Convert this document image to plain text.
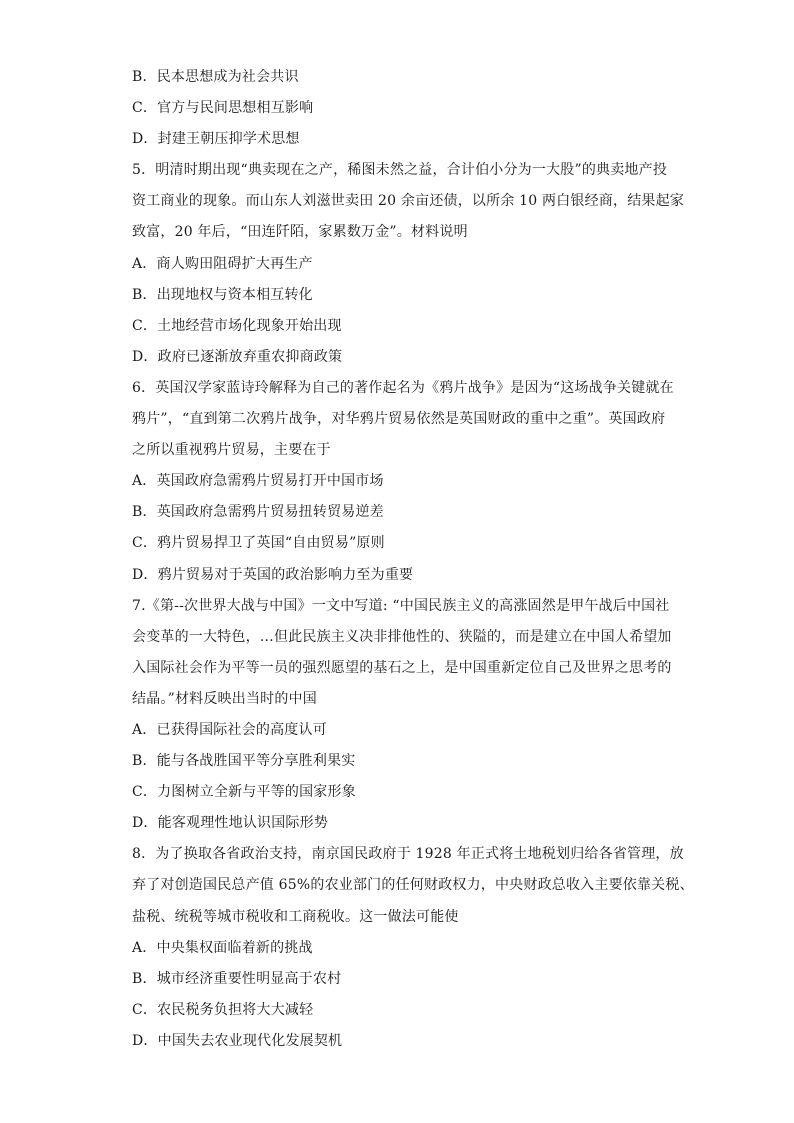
B．民本思想成为社会共识
C．官方与民间思想相互影响
D．封建王朝压抑学术思想
5．明清时期出现“典卖现在之产，稀图未然之益，合计伯小分为一大股”的典卖地产投
资工商业的现象。而山东人刘滋世卖田 20 余亩还债，以所余 10 两白银经商，结果起家
致富，20 年后，“田连阡陌，家累数万金”。材料说明
A．商人购田阻碍扩大再生产
B．出现地权与资本相互转化
C．土地经营市场化现象开始出现
D．政府已逐渐放弃重农抑商政策
6．英国汉学家蓝诗玲解释为自己的著作起名为《鸦片战争》是因为“这场战争关键就在
鸦片”，“直到第二次鸦片战争，对华鸦片贸易依然是英国财政的重中之重”。英国政府
之所以重视鸦片贸易，主要在于
A．英国政府急需鸦片贸易打开中国市场
B．英国政府急需鸦片贸易扭转贸易逆差
C．鸦片贸易捍卫了英国“自由贸易”原则
D．鸦片贸易对于英国的政治影响力至为重要
7.《第--次世界大战与中国》一文中写道: “中国民族主义的高涨固然是甲午战后中国社
会变革的一大特色，…但此民族主义决非排他性的、狭隘的，而是建立在中国人希望加
入国际社会作为平等一员的强烈愿望的基石之上，是中国重新定位自己及世界之思考的
结晶。”材料反映出当时的中国
A．已获得国际社会的高度认可
B．能与各战胜国平等分享胜利果实
C．力图树立全新与平等的国家形象
D．能客观理性地认识国际形势
8．为了换取各省政治支持，南京国民政府于 1928 年正式将土地税划归给各省管理，放
弃了对创造国民总产值 65%的农业部门的任何财政权力，中央财政总收入主要依靠关税、
盐税、统税等城市税收和工商税收。这一做法可能使
A．中央集权面临着新的挑战
B．城市经济重要性明显高于农村
C．农民税务负担将大大减轻
D．中国失去农业现代化发展契机
